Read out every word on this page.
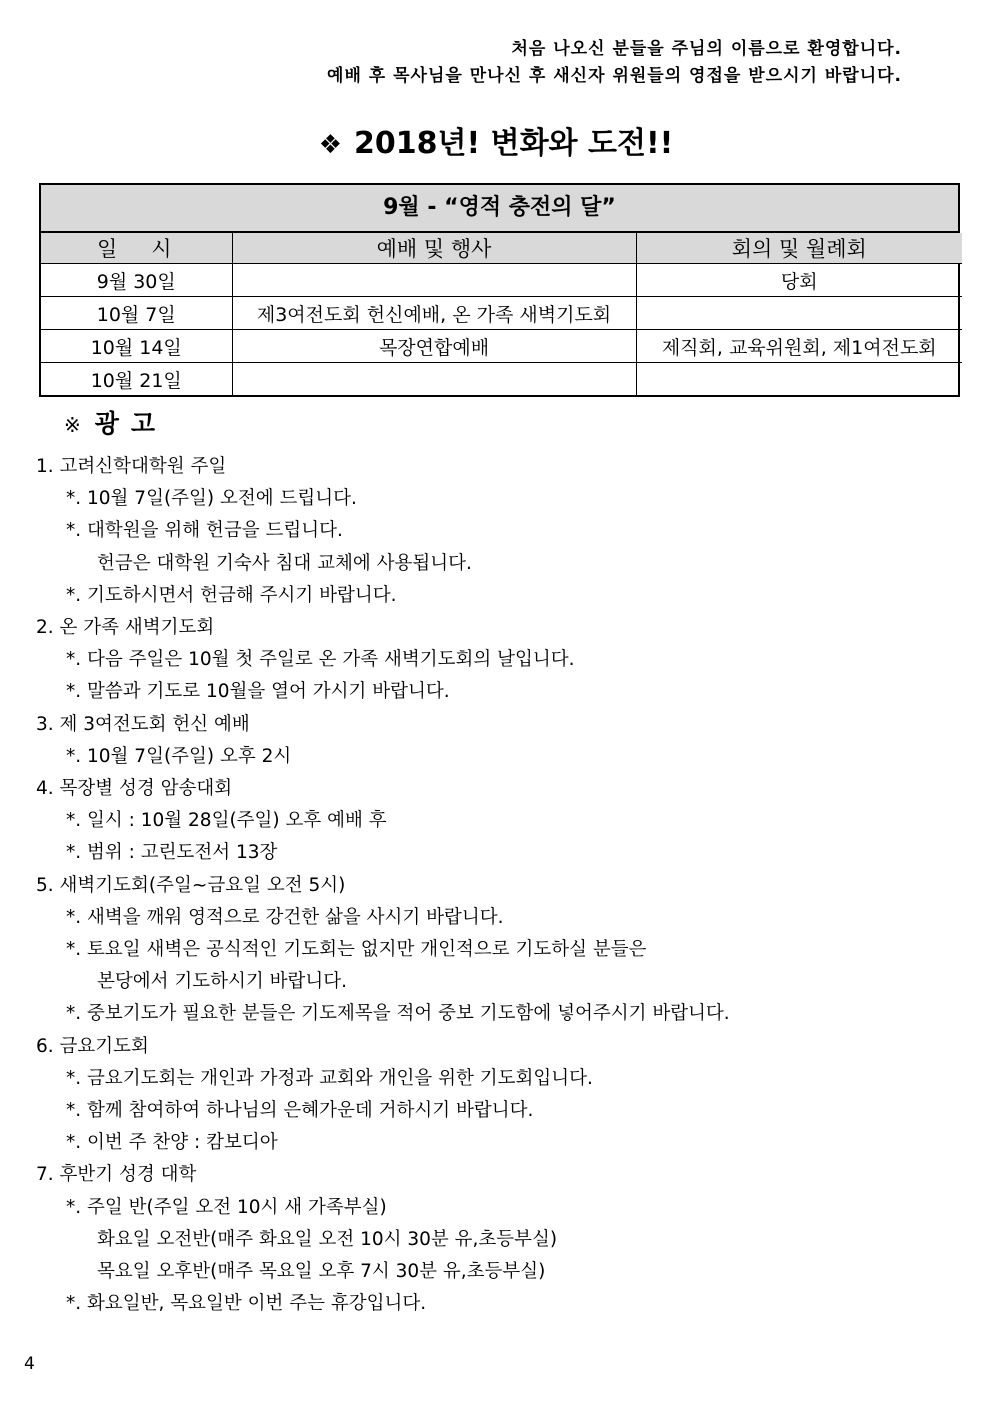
처음 나오신 분들을 주님의 이름으로 환영합니다.
예배 후 목사님을 만나신 후 새신자 위원들의 영접을 받으시기 바랍니다.
❖ 2018년! 변화와 도전!!
9월 - “영적 충전의 달”
일시	예배 및 행사	회의 및 월례회
9월 30일		당회
10월 7일	제3여전도회 헌신예배, 온 가족 새벽기도회	
10월 14일	목장연합예배	제직회, 교육위원회, 제1여전도회
10월 21일		
※ 광고
1. 고려신학대학원 주일
*. 10월 7일(주일) 오전에 드립니다.
*. 대학원을 위해 헌금을 드립니다.
헌금은 대학원 기숙사 침대 교체에 사용됩니다.
*. 기도하시면서 헌금해 주시기 바랍니다.
2. 온 가족 새벽기도회
*. 다음 주일은 10월 첫 주일로 온 가족 새벽기도회의 날입니다.
*. 말씀과 기도로 10월을 열어 가시기 바랍니다.
3. 제 3여전도회 헌신 예배
*. 10월 7일(주일) 오후 2시
4. 목장별 성경 암송대회
*. 일시 : 10월 28일(주일) 오후 예배 후
*. 범위 : 고린도전서 13장
5. 새벽기도회(주일~금요일 오전 5시)
*. 새벽을 깨워 영적으로 강건한 삶을 사시기 바랍니다.
*. 토요일 새벽은 공식적인 기도회는 없지만 개인적으로 기도하실 분들은
본당에서 기도하시기 바랍니다.
*. 중보기도가 필요한 분들은 기도제목을 적어 중보 기도함에 넣어주시기 바랍니다.
6. 금요기도회
*. 금요기도회는 개인과 가정과 교회와 개인을 위한 기도회입니다.
*. 함께 참여하여 하나님의 은혜가운데 거하시기 바랍니다.
*. 이번 주 찬양 : 캄보디아
7. 후반기 성경 대학
*. 주일 반(주일 오전 10시 새 가족부실)
화요일 오전반(매주 화요일 오전 10시 30분 유,초등부실)
목요일 오후반(매주 목요일 오후 7시 30분 유,초등부실)
*. 화요일반, 목요일반 이번 주는 휴강입니다.
4
